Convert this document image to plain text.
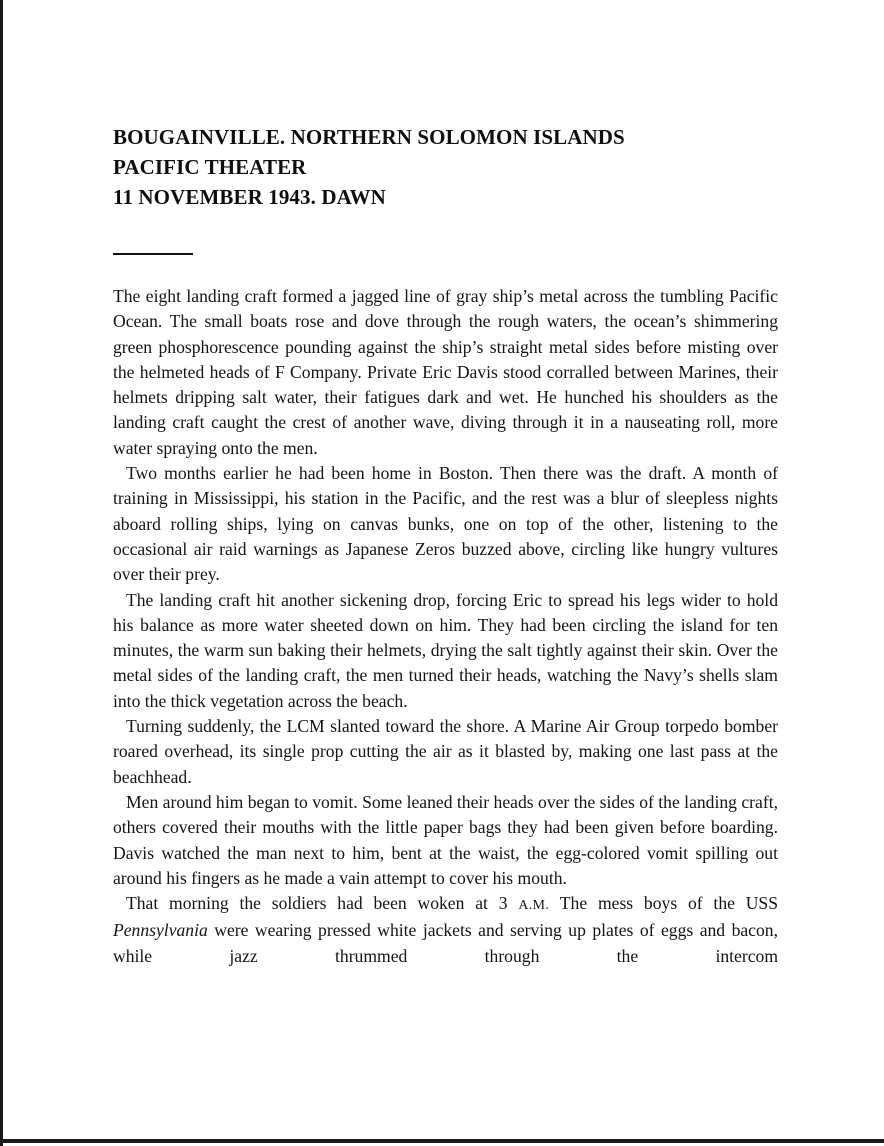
BOUGAINVILLE. NORTHERN SOLOMON ISLANDS
PACIFIC THEATER
11 NOVEMBER 1943. DAWN

The eight landing craft formed a jagged line of gray ship’s metal across the tumbling Pacific Ocean. The small boats rose and dove through the rough waters, the ocean’s shimmering green phosphorescence pounding against the ship’s straight metal sides before misting over the helmeted heads of F Company. Private Eric Davis stood corralled between Marines, their helmets dripping salt water, their fatigues dark and wet. He hunched his shoulders as the landing craft caught the crest of another wave, diving through it in a nauseating roll, more water spraying onto the men.

Two months earlier he had been home in Boston. Then there was the draft. A month of training in Mississippi, his station in the Pacific, and the rest was a blur of sleepless nights aboard rolling ships, lying on canvas bunks, one on top of the other, listening to the occasional air raid warnings as Japanese Zeros buzzed above, circling like hungry vultures over their prey.

The landing craft hit another sickening drop, forcing Eric to spread his legs wider to hold his balance as more water sheeted down on him. They had been circling the island for ten minutes, the warm sun baking their helmets, drying the salt tightly against their skin. Over the metal sides of the landing craft, the men turned their heads, watching the Navy’s shells slam into the thick vegetation across the beach.

Turning suddenly, the LCM slanted toward the shore. A Marine Air Group torpedo bomber roared overhead, its single prop cutting the air as it blasted by, making one last pass at the beachhead.

Men around him began to vomit. Some leaned their heads over the sides of the landing craft, others covered their mouths with the little paper bags they had been given before boarding. Davis watched the man next to him, bent at the waist, the egg-colored vomit spilling out around his fingers as he made a vain attempt to cover his mouth.

That morning the soldiers had been woken at 3 A.M. The mess boys of the USS Pennsylvania were wearing pressed white jackets and serving up plates of eggs and bacon, while jazz thrummed through the intercom
